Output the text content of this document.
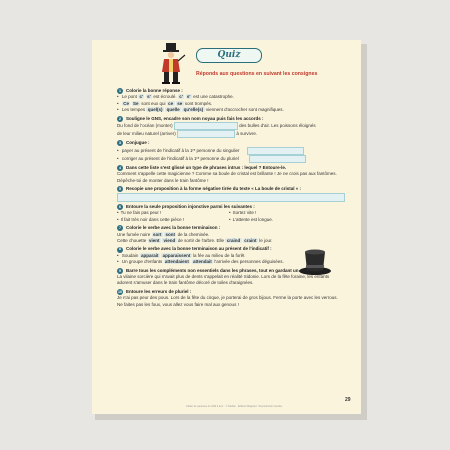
Quiz
Réponds aux questions en suivant les consignes
1	Colorie la bonne réponse :
• Le pont c' s' est écroulé. c' s' est une catastrophe.
• Ce Se sont eux qui ce se sont trompés.
• Les tempes quel(s) quelle qu'elle(s) viennent d'accrocher sont magnifiques.
2	Souligne le GNS, encadre son nom noyau puis fais les accords :
Du fond de l'océan (monter)	des bulles d'air. Les poissons éloignés
de leur milieu naturel (arriver)	à survivre.
3	Conjugue :
• payer au présent de l'indicatif à la 1ʳᵉ personne du singulier
• corriger au présent de l'indicatif à la 1ʳᵉ personne du pluriel
4	Dans cette liste s'est glissé un type de phrases intrus : lequel ? Entoure-le.
Comment s'appelle cette magicienne ? Comme sa boule de cristal est brillante ! Je ne crois pas aux fantômes. Dépêche-toi de monter dans le train fantôme !
5	Recopie une proposition à la forme négative tirée du texte « La boule de cristal » :
6	Entoure la seule proposition injonctive parmi les suivantes :
• Tu ne fais pas peur !	• Sortez vite !
• Il fait très noir dans cette pièce !	• L'attente est longue.
7	Colorie le verbe avec la bonne terminaison :
Une fumée noire sort sont de la cheminée.
Cette chouette vient viend de sortir de l'arbre. Elle craind craint le jour.
8	Colorie le verbe avec la bonne terminaison au présent de l'indicatif :
• Soudain apparait apparaissent la fée au milieu de la forêt
• Un groupe d'enfants attendaient attendait l'arrivée des personnes déguisées.
9	Barre tous les compléments non essentiels dans les phrases, tout en gardant un sens :
La vilaine sorcière qui n'avait plus de dents s'appelait en réalité Sidonie. Lors de la fête foraine, les enfants adorent s'amuser dans le train fantôme décoré de toiles d'araignées.
10 Entoure les erreurs de pluriel :
Je n'ai pas peur des pous. Lors de la fête du cirque, je porterai de gros bijous. Ferme la porte avec les verrous. Ne faites pas les foux, vous allez vous faire mal aux genous !
Cahier de vacances du CM2 à la 6ᵉ · © Nathan · Éditions Magnard · Reproduction interdite
29
